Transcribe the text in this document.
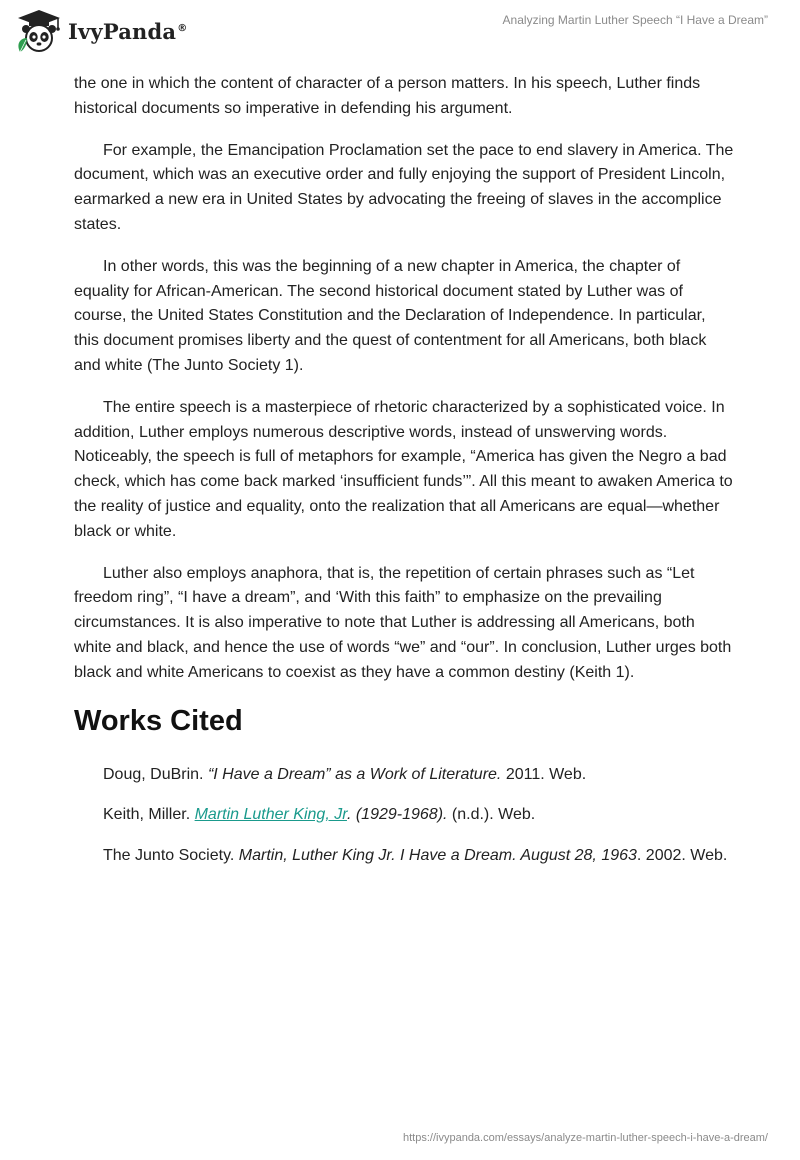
IvyPanda®
Analyzing Martin Luther Speech “I Have a Dream”

the one in which the content of character of a person matters. In his speech, Luther finds historical documents so imperative in defending his argument.

For example, the Emancipation Proclamation set the pace to end slavery in America. The document, which was an executive order and fully enjoying the support of President Lincoln, earmarked a new era in United States by advocating the freeing of slaves in the accomplice states.

In other words, this was the beginning of a new chapter in America, the chapter of equality for African-American. The second historical document stated by Luther was of course, the United States Constitution and the Declaration of Independence. In particular, this document promises liberty and the quest of contentment for all Americans, both black and white (The Junto Society 1).

The entire speech is a masterpiece of rhetoric characterized by a sophisticated voice. In addition, Luther employs numerous descriptive words, instead of unswerving words. Noticeably, the speech is full of metaphors for example, “America has given the Negro a bad check, which has come back marked ‘insufficient funds’”. All this meant to awaken America to the reality of justice and equality, onto the realization that all Americans are equal—whether black or white.

Luther also employs anaphora, that is, the repetition of certain phrases such as “Let freedom ring”, “I have a dream”, and ‘With this faith” to emphasize on the prevailing circumstances. It is also imperative to note that Luther is addressing all Americans, both white and black, and hence the use of words “we” and “our”. In conclusion, Luther urges both black and white Americans to coexist as they have a common destiny (Keith 1).

Works Cited

Doug, DuBrin. “I Have a Dream” as a Work of Literature. 2011. Web.

Keith, Miller. Martin Luther King, Jr. (1929-1968). (n.d.). Web.

The Junto Society. Martin, Luther King Jr. I Have a Dream. August 28, 1963. 2002. Web.

https://ivypanda.com/essays/analyze-martin-luther-speech-i-have-a-dream/
